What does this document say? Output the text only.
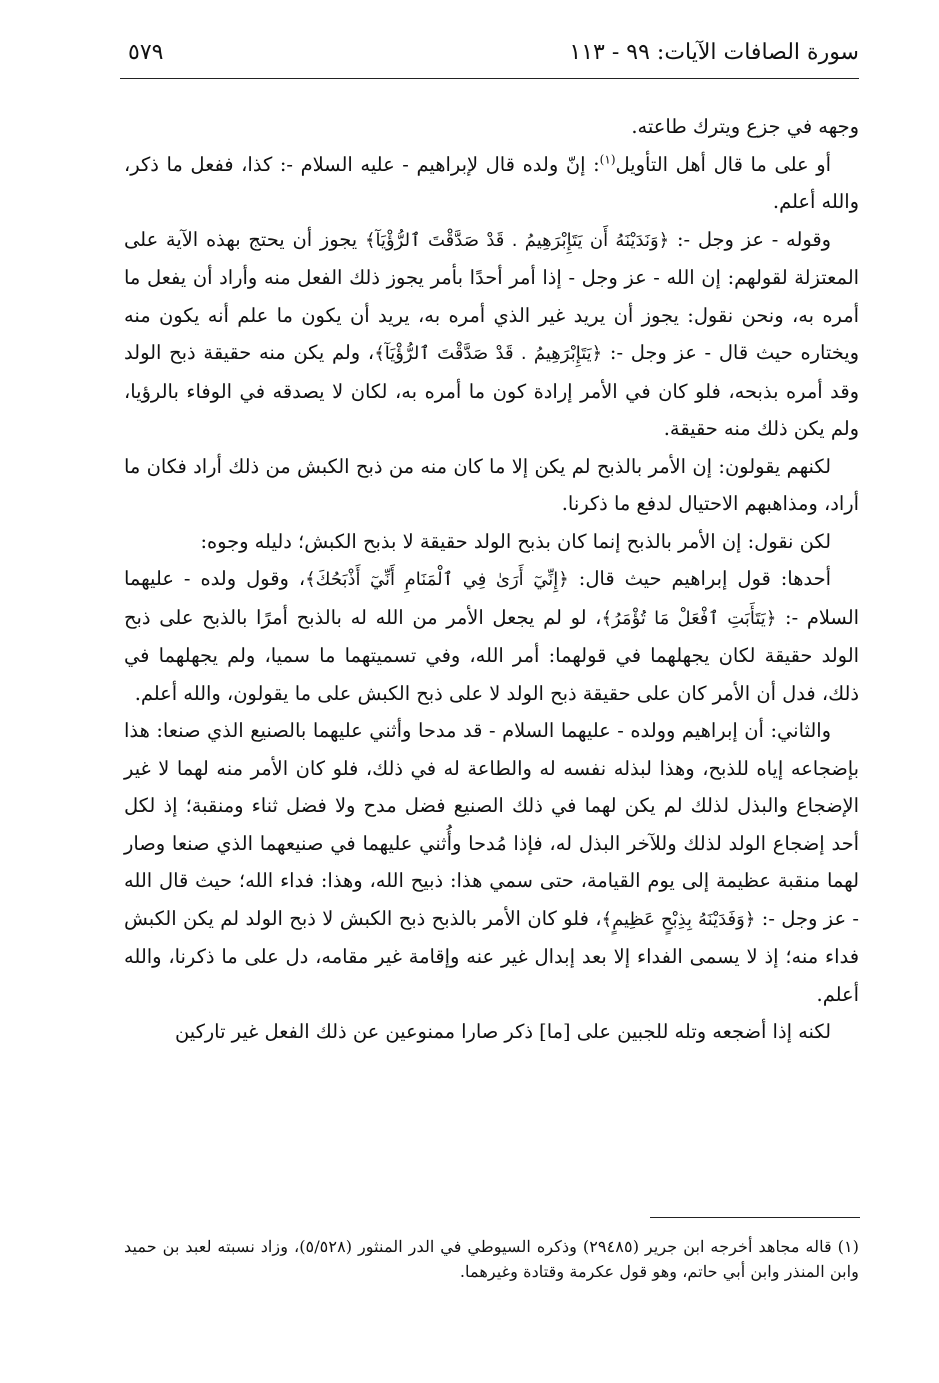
٥٧٩	سورة الصافات الآيات: ٩٩ - ١١٣

وجهه في جزع ويترك طاعته.

أو على ما قال أهل التأويل$^{(١)}$: إنّ ولده قال لإبراهيم - عليه السلام -: كذا، ففعل ما ذكر، والله أعلم.

وقوله - عز وجل -: ﴿وَنَدَيْنَهُ أَن يَتَإِبْرَهِيمُ . قَدْ صَدَّقْتَ ٱلرُّؤْيَآ﴾ يجوز أن يحتج بهذه الآية على المعتزلة لقولهم: إن الله - عز وجل - إذا أمر أحدًا بأمر يجوز ذلك الفعل منه وأراد أن يفعل ما أمره به، ونحن نقول: يجوز أن يريد غير الذي أمره به، يريد أن يكون ما علم أنه يكون منه ويختاره حيث قال - عز وجل -: ﴿يَتَإِبْرَهِيمُ . قَدْ صَدَّقْتَ ٱلرُّؤْيَآ﴾، ولم يكن منه حقيقة ذبح الولد وقد أمره بذبحه، فلو كان في الأمر إرادة كون ما أمره به، لكان لا يصدقه في الوفاء بالرؤيا، ولم يكن ذلك منه حقيقة.

لكنهم يقولون: إن الأمر بالذبح لم يكن إلا ما كان منه من ذبح الكبش من ذلك أراد فكان ما أراد، ومذاهبهم الاحتيال لدفع ما ذكرنا.

لكن نقول: إن الأمر بالذبح إنما كان بذبح الولد حقيقة لا بذبح الكبش؛ دليله وجوه:

أحدها: قول إبراهيم حيث قال: ﴿إِنِّيٓ أَرَىٰ فِي ٱلْمَنَامِ أَنِّيٓ أَذْبَحُكَ﴾، وقول ولده - عليهما السلام -: ﴿يَتَأَبَتِ ٱفْعَلْ مَا تُؤْمَرُ﴾، لو لم يجعل الأمر من الله له بالذبح أمرًا بالذبح على ذبح الولد حقيقة لكان يجهلهما في قولهما: أمر الله، وفي تسميتهما ما سميا، ولم يجهلهما في ذلك، فدل أن الأمر كان على حقيقة ذبح الولد لا على ذبح الكبش على ما يقولون، والله أعلم.

والثاني: أن إبراهيم وولده - عليهما السلام - قد مدحا وأثني عليهما بالصنيع الذي صنعا: هذا بإضجاعه إياه للذبح، وهذا لبذله نفسه له والطاعة له في ذلك، فلو كان الأمر منه لهما لا غير الإضجاع والبذل لذلك لم يكن لهما في ذلك الصنيع فضل مدح ولا فضل ثناء ومنقبة؛ إذ لكل أحد إضجاع الولد لذلك وللآخر البذل له، فإذا مُدحا وأُثني عليهما في صنيعهما الذي صنعا وصار لهما منقبة عظيمة إلى يوم القيامة، حتى سمي هذا: ذبيح الله، وهذا: فداء الله؛ حيث قال الله - عز وجل -: ﴿وَفَدَيْنَهُ بِذِبْحٍ عَظِيمٍ﴾، فلو كان الأمر بالذبح ذبح الكبش لا ذبح الولد لم يكن الكبش فداء منه؛ إذ لا يسمى الفداء إلا بعد إبدال غير عنه وإقامة غير مقامه، دل على ما ذكرنا، والله أعلم.

لكنه إذا أضجعه وتله للجبين على [ما] ذكر صارا ممنوعين عن ذلك الفعل غير تاركين

(١) قاله مجاهد أخرجه ابن جرير (٢٩٤٨٥) وذكره السيوطي في الدر المنثور (٥/٥٢٨)، وزاد نسبته لعبد بن حميد وابن المنذر وابن أبي حاتم، وهو قول عكرمة وقتادة وغيرهما.
